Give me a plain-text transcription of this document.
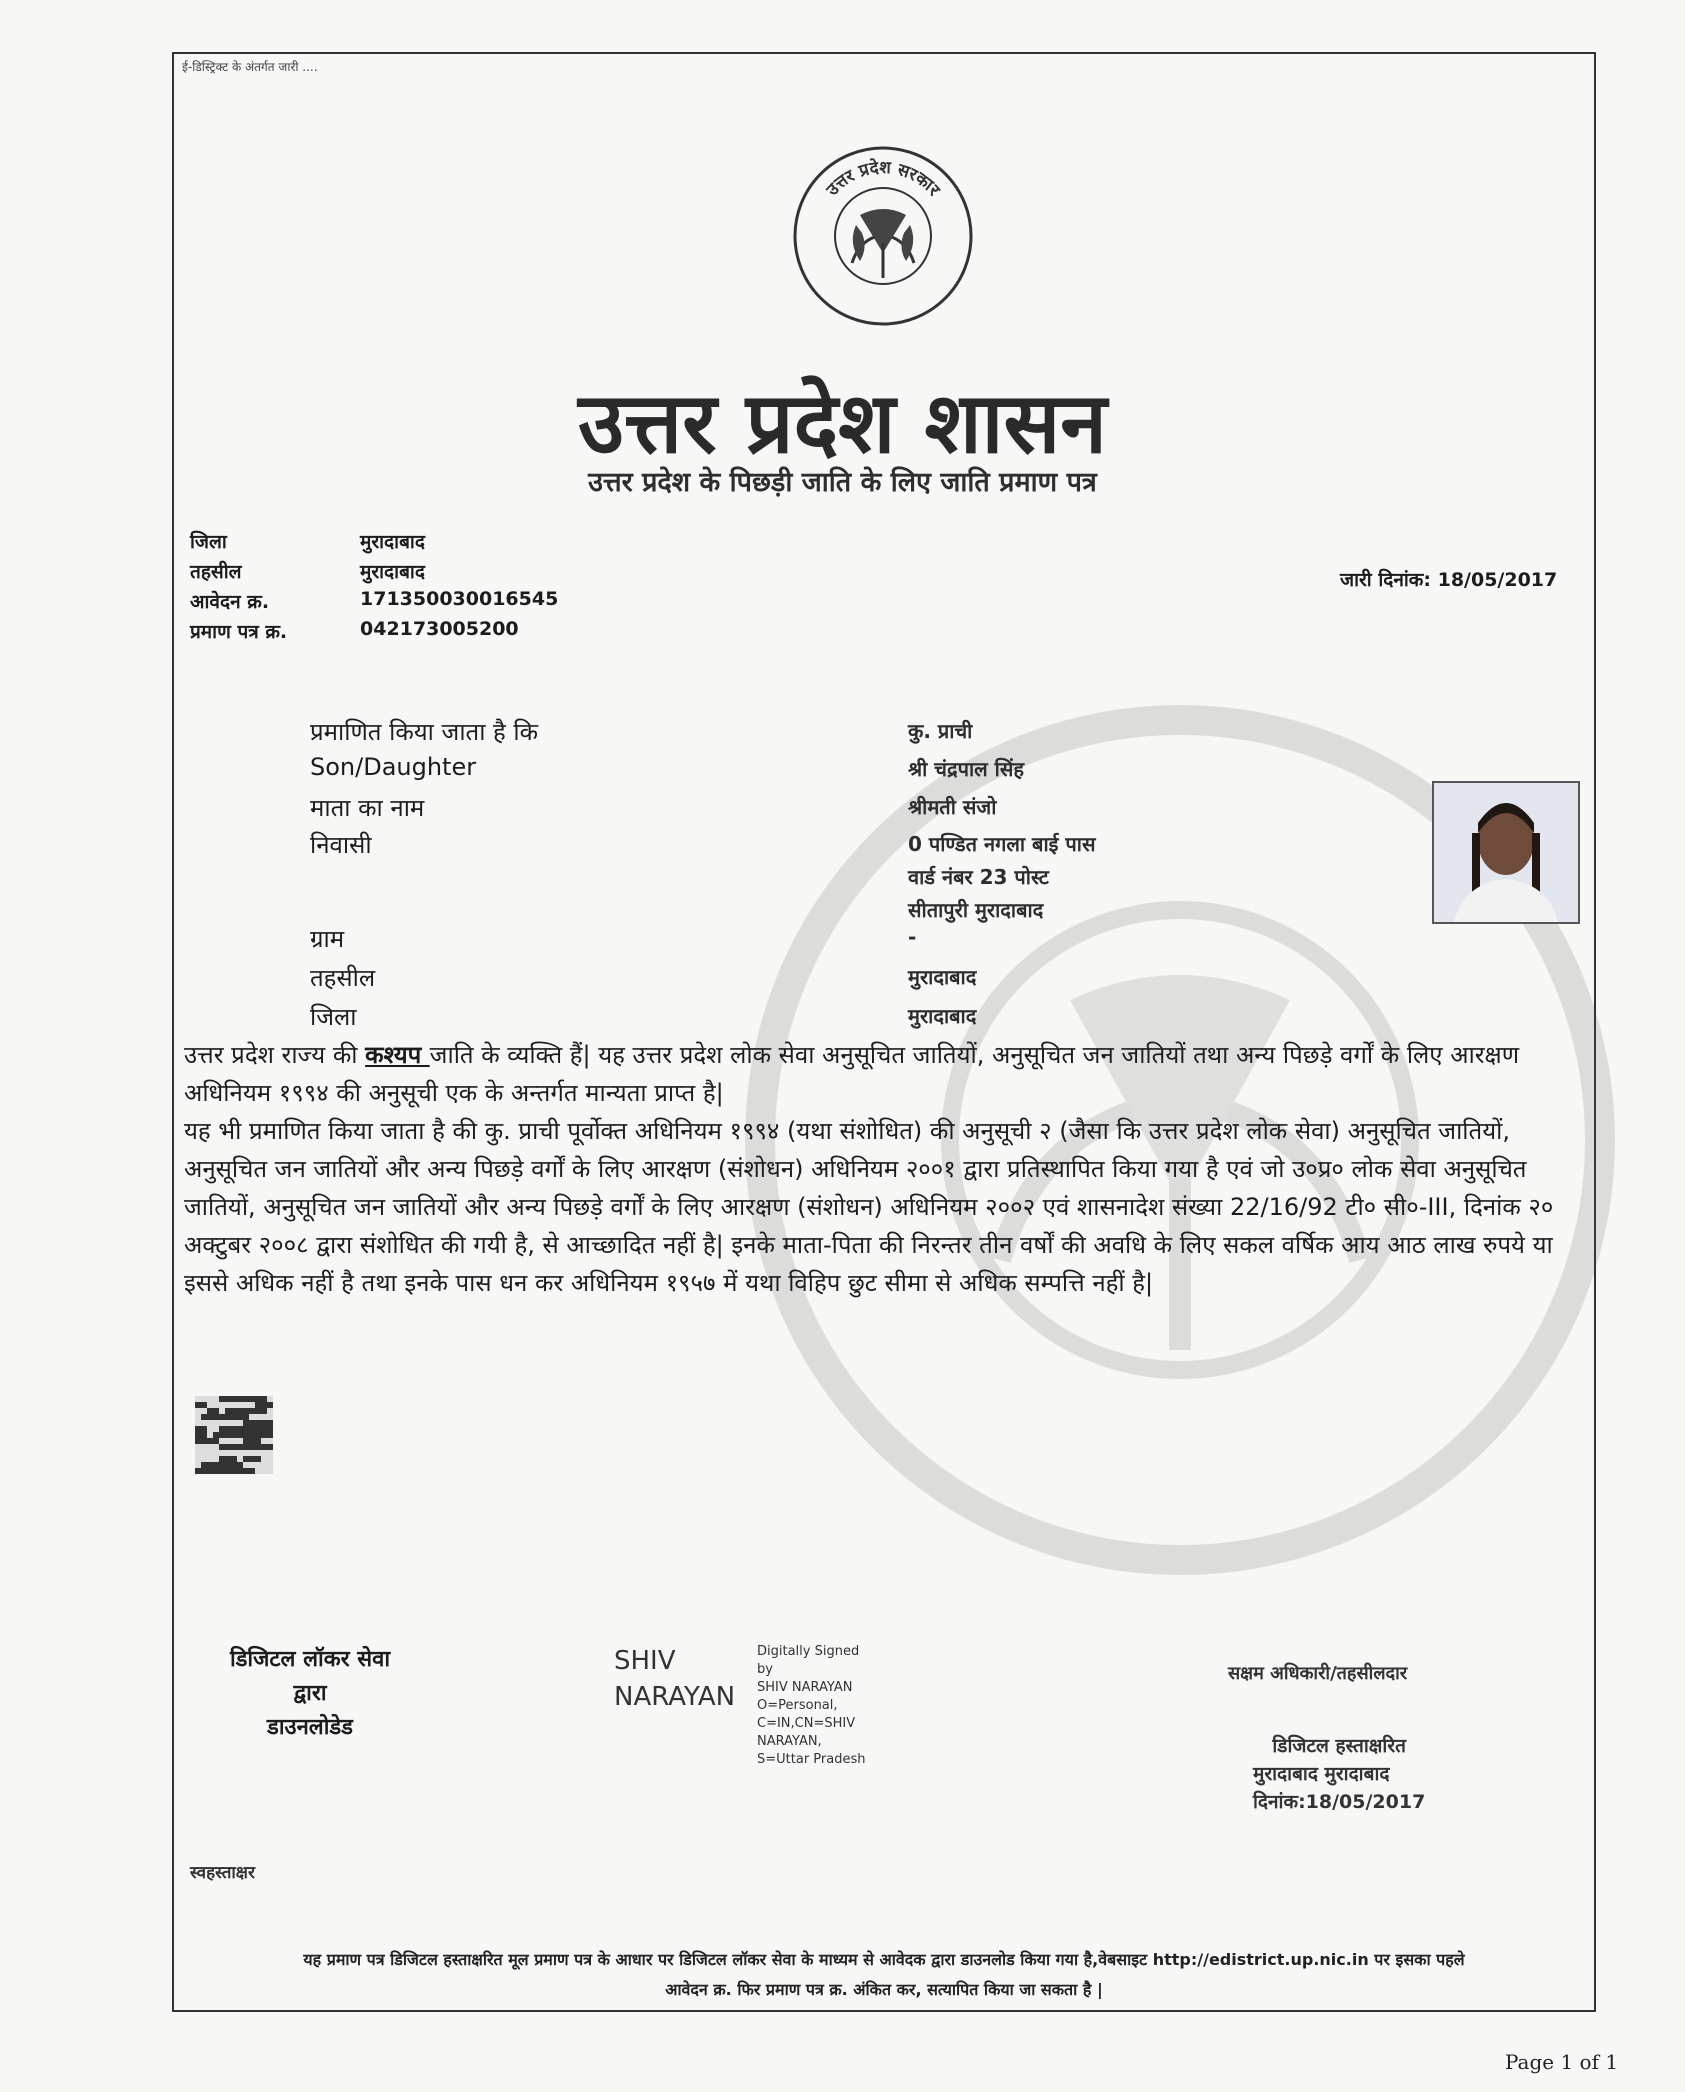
ई-डिस्ट्रिक्ट के अंतर्गत जारी ....
उत्तर प्रदेश सरकार
उत्तर प्रदेश शासन
उत्तर प्रदेश के पिछड़ी जाति के लिए जाति प्रमाण पत्र
जिला	मुरादाबाद
तहसील	मुरादाबाद
आवेदन क्र.	171350030016545
प्रमाण पत्र क्र.	042173005200
जारी दिनांक: 18/05/2017
प्रमाणित किया जाता है कि	कु. प्राची
Son/Daughter	श्री चंद्रपाल सिंह
माता का नाम	श्रीमती संजो
निवासी	0 पण्डित नगला बाई पास
वार्ड नंबर 23 पोस्ट
सीतापुरी मुरादाबाद
ग्राम	-
तहसील	मुरादाबाद
जिला	मुरादाबाद

उत्तर प्रदेश राज्य की कश्यप जाति के व्यक्ति हैं| यह उत्तर प्रदेश लोक सेवा अनुसूचित जातियों, अनुसूचित जन जातियों तथा अन्य पिछड़े वर्गों के लिए आरक्षण अधिनियम १९९४ की अनुसूची एक के अन्तर्गत मान्यता प्राप्त है|

यह भी प्रमाणित किया जाता है की कु. प्राची पूर्वोक्त अधिनियम १९९४ (यथा संशोधित) की अनुसूची २ (जैसा कि उत्तर प्रदेश लोक सेवा) अनुसूचित जातियों, अनुसूचित जन जातियों और अन्य पिछड़े वर्गों के लिए आरक्षण (संशोधन) अधिनियम २००१ द्वारा प्रतिस्थापित किया गया है एवं जो उ०प्र० लोक सेवा अनुसूचित जातियों, अनुसूचित जन जातियों और अन्य पिछड़े वर्गों के लिए आरक्षण (संशोधन) अधिनियम २००२ एवं शासनादेश संख्या 22/16/92 टी० सी०-III, दिनांक २० अक्टुबर २००८ द्वारा संशोधित की गयी है, से आच्छादित नहीं है| इनके माता-पिता की निरन्तर तीन वर्षों की अवधि के लिए सकल वर्षिक आय आठ लाख रुपये या इससे अधिक नहीं है तथा इनके पास धन कर अधिनियम १९५७ में यथा विहिप छुट सीमा से अधिक सम्पत्ति नहीं है|

डिजिटल लॉकर सेवा
द्वारा
डाउनलोडेड
SHIV
NARAYAN
Digitally Signed
by
SHIV NARAYAN
O=Personal,
C=IN,CN=SHIV
NARAYAN,
S=Uttar Pradesh
सक्षम अधिकारी/तहसीलदार
डिजिटल हस्ताक्षरित
मुरादाबाद मुरादाबाद
दिनांक:18/05/2017
स्वहस्ताक्षर
यह प्रमाण पत्र डिजिटल हस्ताक्षरित मूल प्रमाण पत्र के आधार पर डिजिटल लॉकर सेवा के माध्यम से आवेदक द्वारा डाउनलोड किया गया है,वेबसाइट http://edistrict.up.nic.in पर इसका पहले
आवेदन क्र. फिर प्रमाण पत्र क्र. अंकित कर, सत्यापित किया जा सकता है |
Page 1 of 1
